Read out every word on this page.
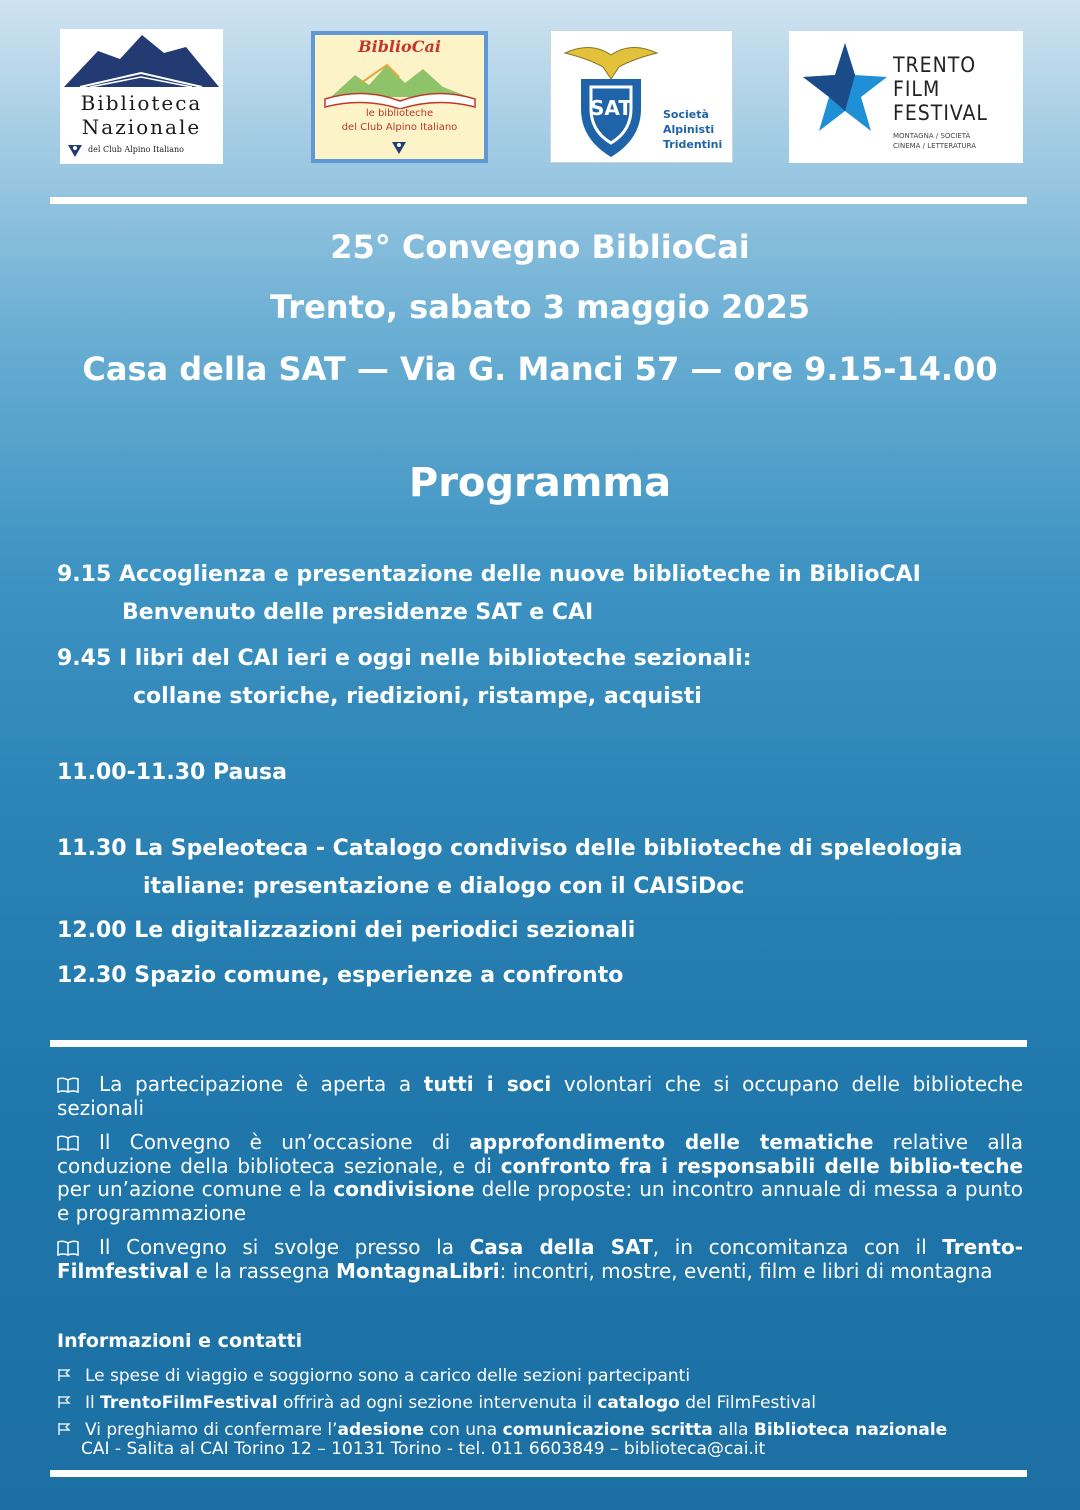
Biblioteca
Nazionale
del Club Alpino Italiano
BiblioCai
le biblioteche
del Club Alpino Italiano
SAT	Società
Alpinisti
Tridentini
TRENTO
FILM
FESTIVAL
MONTAGNA / SOCIETÀ
CINEMA / LETTERATURA
25° Convegno BiblioCai
Trento, sabato 3 maggio 2025
Casa della SAT — Via G. Manci 57 — ore 9.15-14.00
Programma
9.15 Accoglienza e presentazione delle nuove biblioteche in BiblioCAI
Benvenuto delle presidenze SAT e CAI
9.45 I libri del CAI ieri e oggi nelle biblioteche sezionali:
collane storiche, riedizioni, ristampe, acquisti
11.00-11.30 Pausa
11.30 La Speleoteca - Catalogo condiviso delle biblioteche di speleologia
italiane: presentazione e dialogo con il CAISiDoc
12.00 Le digitalizzazioni dei periodici sezionali
12.30 Spazio comune, esperienze a confronto
La partecipazione è aperta a tutti i soci volontari che si occupano delle biblioteche sezionali
Il Convegno è un’occasione di approfondimento delle tematiche relative alla conduzione della biblioteca sezionale, e di confronto fra i responsabili delle biblio-teche per un’azione comune e la condivisione delle proposte: un incontro annuale di messa a punto e programmazione
Il Convegno si svolge presso la Casa della SAT, in concomitanza con il Trento-Filmfestival e la rassegna MontagnaLibri: incontri, mostre, eventi, film e libri di montagna
Informazioni e contatti
Le spese di viaggio e soggiorno sono a carico delle sezioni partecipanti
Il TrentoFilmFestival offrirà ad ogni sezione intervenuta il catalogo del FilmFestival
Vi preghiamo di confermare l’adesione con una comunicazione scritta alla Biblioteca nazionale
CAI - Salita al CAI Torino 12 – 10131 Torino - tel. 011 6603849 – biblioteca@cai.it
